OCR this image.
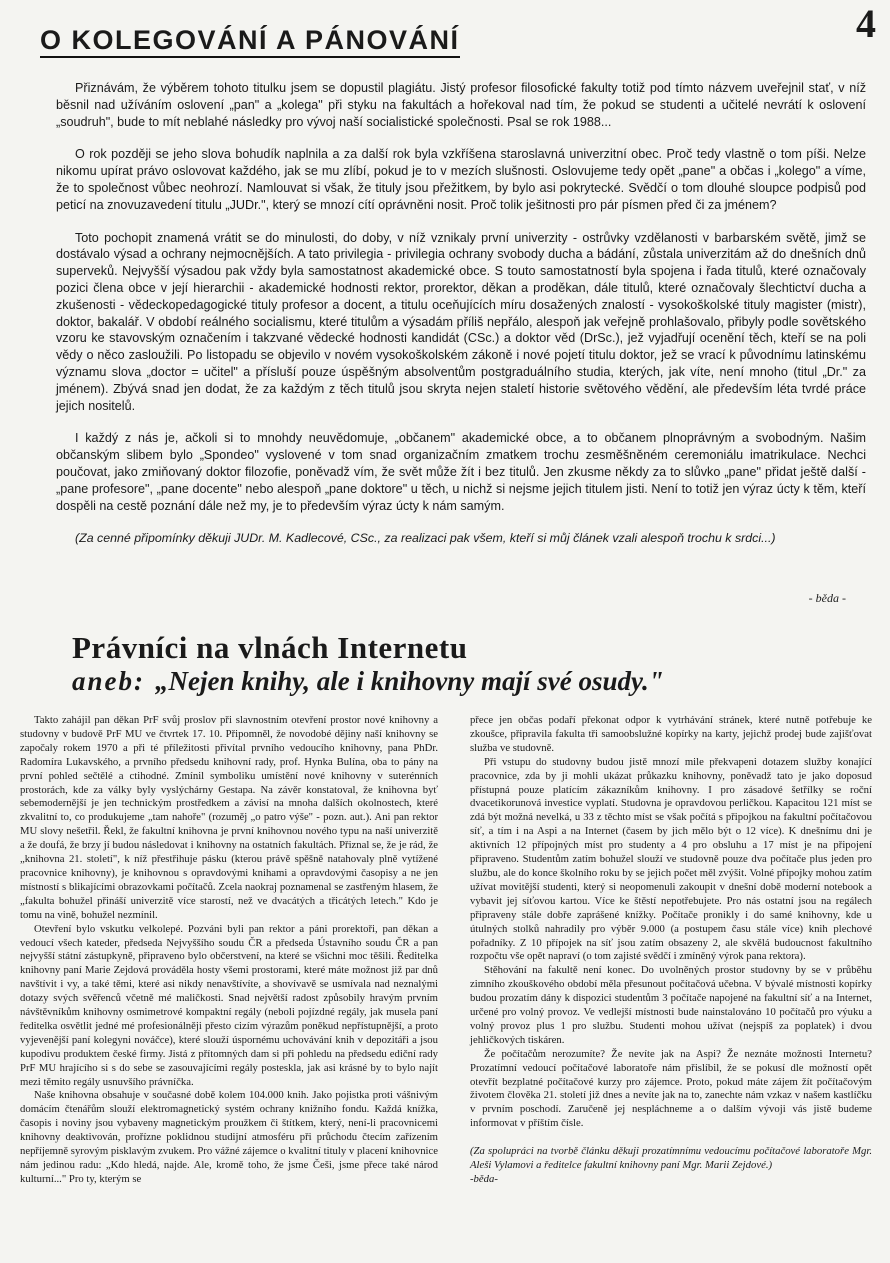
4
O KOLEGOVÁNÍ A PÁNOVÁNÍ

Přiznávám, že výběrem tohoto titulku jsem se dopustil plagiátu. Jistý profesor filosofické fakulty totiž pod tímto názvem uveřejnil stať, v níž běsnil nad užíváním oslovení „pan" a „kolega" při styku na fakultách a hořekoval nad tím, že pokud se studenti a učitelé nevrátí k oslovení „soudruh", bude to mít neblahé následky pro vývoj naší socialistické společnosti. Psal se rok 1988...

O rok později se jeho slova bohudík naplnila a za další rok byla vzkříšena staroslavná univerzitní obec. Proč tedy vlastně o tom píši. Nelze nikomu upírat právo oslovovat každého, jak se mu zlíbí, pokud je to v mezích slušnosti. Oslovujeme tedy opět „pane" a občas i „kolego" a víme, že to společnost vůbec neohrozí. Namlouvat si však, že tituly jsou přežitkem, by bylo asi pokrytecké. Svědčí o tom dlouhé sloupce podpisů pod peticí na znovuzavedení titulu „JUDr.", který se mnozí cítí oprávněni nosit. Proč tolik ješitnosti pro pár písmen před či za jménem?

Toto pochopit znamená vrátit se do minulosti, do doby, v níž vznikaly první univerzity - ostrůvky vzdělanosti v barbarském světě, jimž se dostávalo výsad a ochrany nejmocnějších. A tato privilegia - privilegia ochrany svobody ducha a bádání, zůstala univerzitám až do dnešních dnů superveků. Nejvyšší výsadou pak vždy byla samostatnost akademické obce. S touto samostatností byla spojena i řada titulů, které označovaly pozici člena obce v její hierarchii - akademické hodnosti rektor, prorektor, děkan a proděkan, dále titulů, které označovaly šlechtictví ducha a zkušenosti - vědeckopedagogické tituly profesor a docent, a titulu oceňujících míru dosažených znalostí - vysokoškolské tituly magister (mistr), doktor, bakalář. V období reálného socialismu, které titulům a výsadám příliš nepřálo, alespoň jak veřejně prohlašovalo, přibyly podle sovětského vzoru ke stavovským označením i takzvané vědecké hodnosti kandidát (CSc.) a doktor věd (DrSc.), jež vyjadřují ocenění těch, kteří se na poli vědy o něco zasloužili. Po listopadu se objevilo v novém vysokoškolském zákoně i nové pojetí titulu doktor, jež se vrací k původnímu latinskému významu slova „doctor = učitel" a přísluší pouze úspěšným absolventům postgraduálního studia, kterých, jak víte, není mnoho (titul „Dr." za jménem). Zbývá snad jen dodat, že za každým z těch titulů jsou skryta nejen staletí historie světového vědění, ale především léta tvrdé práce jejich nositelů.

I každý z nás je, ačkoli si to mnohdy neuvědomuje, „občanem" akademické obce, a to občanem plnoprávným a svobodným. Našim občanským slibem bylo „Spondeo" vyslovené v tom snad organizačním zmatkem trochu zesměšněném ceremoniálu imatrikulace. Nechci poučovat, jako zmiňovaný doktor filozofie, poněvadž vím, že svět může žít i bez titulů. Jen zkusme někdy za to slůvko „pane" přidat ještě další - „pane profesore", „pane docente" nebo alespoň „pane doktore" u těch, u nichž si nejsme jejich titulem jisti. Není to totiž jen výraz úcty k těm, kteří dospěli na cestě poznání dále než my, je to především výraz úcty k nám samým.

(Za cenné připomínky děkuji JUDr. M. Kadlecové, CSc., za realizaci pak všem, kteří si můj článek vzali alespoň trochu k srdci...)

- běda -
Právníci na vlnách Internetu
aneb: „Nejen knihy, ale i knihovny mají své osudy."

Takto zahájil pan děkan PrF svůj proslov při slavnostním otevření prostor nové knihovny a studovny v budově PrF MU ve čtvrtek 17. 10. Připomněl, že novodobé dějiny naší knihovny se započaly rokem 1970 a při té příležitosti přivítal prvního vedoucího knihovny, pana PhDr. Radomíra Lukavského, a prvního předsedu knihovní rady, prof. Hynka Bulína, oba to pány na první pohled sečtělé a ctihodné. Zmínil symboliku umístění nové knihovny v suterénních prostorách, kde za války byly vyslýchárny Gestapa. Na závěr konstatoval, že knihovna byť sebemodernější je jen technickým prostředkem a závisí na mnoha dalších okolnostech, které zkvalitní to, co produkujeme „tam nahoře" (rozuměj „o patro výše" - pozn. aut.). Ani pan rektor MU slovy nešetřil. Řekl, že fakultní knihovna je první knihovnou nového typu na naší univerzitě a že doufá, že brzy jí budou následovat i knihovny na ostatních fakultách. Přiznal se, že je rád, že „knihovna 21. století", k níž přestřihuje pásku (kterou právě spěšně natahovaly plně vytížené pracovnice knihovny), je knihovnou s opravdovými knihami a opravdovými časopisy a ne jen místností s blikajícími obrazovkami počítačů. Zcela naokraj poznamenal se zastřeným hlasem, že „fakulta bohužel přináší univerzitě více starostí, než ve dvacátých a třicátých letech." Kdo je tomu na vině, bohužel nezmínil.

Otevření bylo vskutku velkolepé. Pozváni byli pan rektor a páni prorektoři, pan děkan a vedoucí všech kateder, předseda Nejvyššího soudu ČR a předseda Ústavního soudu ČR a pan nejvyšší státní zástupkyně, připraveno bylo občerstvení, na které se všichni moc těšili. Ředitelka knihovny paní Marie Zejdová prováděla hosty všemi prostorami, které máte možnost již par dnů navštívit i vy, a také těmi, které asi nikdy nenavštívíte, a shovívavě se usmívala nad neznalými dotazy svých svěřenců včetně mé maličkosti. Snad největší radost způsobily hravým prvním návštěvníkům knihovny osmimetrové kompaktní regály (neboli pojízdné regály, jak musela paní ředitelka osvětlit jedné mé profesionálněji přesto cizím výrazům poněkud nepřístupnější, a proto vyjevenější paní kolegyni nováčce), které slouží úspornému uchovávání knih v depozitáři a jsou kupodivu produktem české firmy. Jistá z přítomných dam si při pohledu na předsedu ediční rady PrF MU hrajícího si s do sebe se zasouvajícími regály postesklа, jak asi krásné by to bylo najít mezi těmito regály usnuvšího právníčka.

Naše knihovna obsahuje v současné době kolem 104.000 knih. Jako pojistka proti vášnivým domácím čtenářům slouží elektromagnetický systém ochrany knižního fondu. Každá knížka, časopis i noviny jsou vybaveny magnetickým proužkem či štítkem, který, není-li pracovnicemi knihovny deaktivován, proříznе poklidnou studijní atmosféru při průchodu čtecím zařízením nepříjemně syrovým pisklavým zvukem. Pro vážné zájemce o kvalitní tituly v placení knihovnice nám jedinou radu: „Kdo hledá, najde. Ale, kromě toho, že jsme Češi, jsme přece také národ kulturní..." Pro ty, kterým se

přece jen občas podaří překonat odpor k vytrhávání stránek, které nutně potřebuje ke zkoušce, připravila fakulta tři samoobslužné kopírky na karty, jejichž prodej bude zajišťovat služba ve studovně.

Při vstupu do studovny budou jistě mnozí mile překvapeni dotazem služby konající pracovnice, zda by ji mohli ukázat průkazku knihovny, poněvadž tato je jako doposud přístupná pouze platícím zákazníkům knihovny. I pro zásadové šetřílky se roční dvacetikorunová investice vyplatí. Studovna je opravdovou perličkou. Kapacitou 121 míst se zdá být možná nevelká, u 33 z těchto míst se však počítá s připojkou na fakultní počítačovou síť, a tím i na Aspi a na Internet (časem by jich mělo být o 12 více). K dnešnímu dni je aktivních 12 přípojných míst pro studenty a 4 pro obsluhu a 17 míst je na připojení připraveno. Studentům zatím bohužel slouží ve studovně pouze dva počítače plus jeden pro službu, ale do konce školního roku by se jejich počet měl zvýšit. Volné přípojky mohou zatím užívat movitější studenti, který si neopomenuli zakoupit v dnešní době moderní notebook a vybavit jej síťovou kartou. Více ke štěstí nepotřebujete. Pro nás ostatní jsou na regálech připraveny stále dobře zaprášené knížky. Počítače pronikly i do samé knihovny, kde u útulných stolků nahradily pro výběr 9.000 (a postupem času stále více) knih plechové pořadníky. Z 10 přípojek na síť jsou zatím obsazeny 2, ale skvělá budoucnost fakultního rozpočtu vše opět napraví (o tom zajisté svědčí i zmíněný výrok pana rektora).

Stěhování na fakultě není konec. Do uvolněných prostor studovny by se v průběhu zimního zkouškového období měla přesunout počítačová učebna. V bývalé místnosti kopírky budou prozatím dány k dispozici studentům 3 počítače napojené na fakultní síť a na Internet, určené pro volný provoz. Ve vedlejší místnosti bude nainstalováno 10 počítačů pro výuku a volný provoz plus 1 pro službu. Studenti mohou užívat (nejspíš za poplatek) i dvou jehličkových tiskáren.

Že počítačům nerozumíte? Že nevíte jak na Aspi? Že neznáte možnosti Internetu? Prozatímní vedoucí počítačové laboratoře nám přislíbil, že se pokusí dle možností opět otevřít bezplatné počítačové kurzy pro zájemce. Proto, pokud máte zájem žít počítačovým životem člověka 21. století již dnes a nevíte jak na to, zanechte nám vzkaz v našem kastlíčku v prvním poschodí. Zaručeně jej nespláchneme a o dalším vývoji vás jistě budeme informovat v příštím čísle.

(Za spolupráci na tvorbě článku děkuji prozatímnímu vedoucímu počítačové laboratoře Mgr. Aleši Vylamovi a ředitelce fakultní knihovny paní Mgr. Marii Zejdové.)

-běda-
